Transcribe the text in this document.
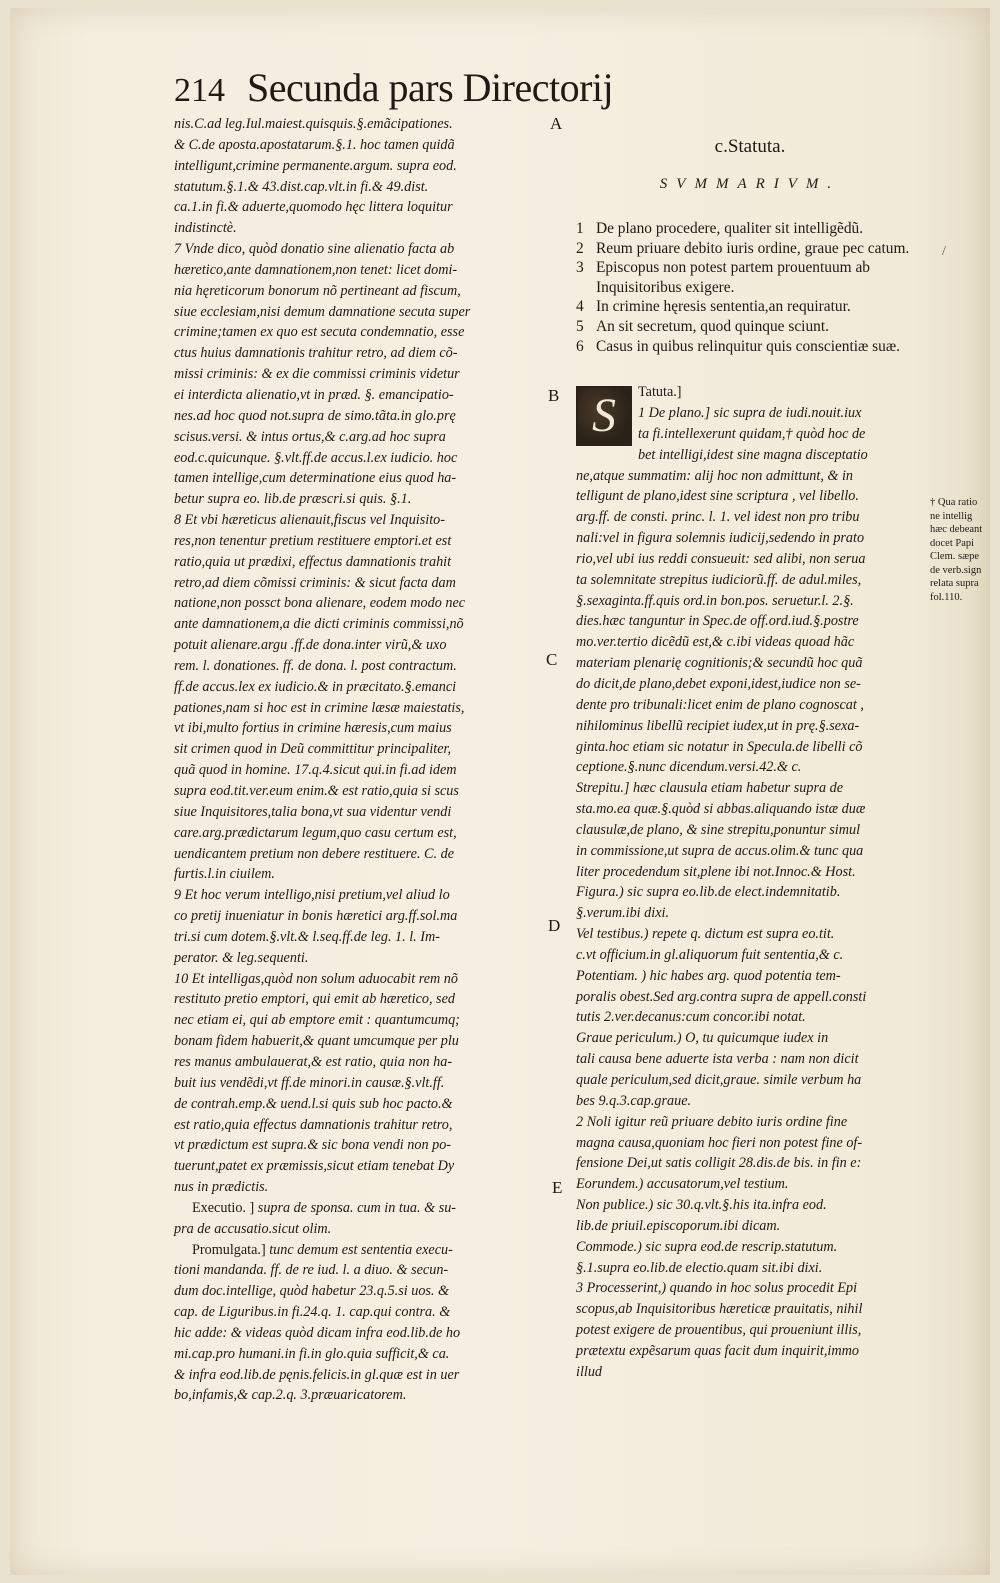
214 Secunda pars Directorij

nis.C.ad leg.Iul.maiest.quisquis.§.emãcipationes.

& C.de apostа.apostatarum.§.1. hoc tamen quidã

intelligunt,crimine permanente.argum. supra eod.

statutum.§.1.& 43.dist.cap.vlt.in fi.& 49.dist.

ca.1.in fi.& aduerte,quomodo hęc littera loquitur

indistinctè.

7 Vnde dico, quòd donatio sine alienatio facta ab

hæretico,ante damnationem,non tenet: licet domi-

nia hęreticorum bonorum nõ pertineant ad fiscum,

siue ecclesiam,nisi demum damnatione secuta super

crimine;tamen ex quo est secuta condemnatio, esse

ctus huius damnationis trahitur retro, ad diem cõ-

missi criminis: & ex die commissi criminis videtur

ei interdicta alienatio,vt in præd. §. emancipatio-

nes.ad hoc quod not.supra de simo.tãta.in glo.prę

scisus.versi. & intus ortus,& c.arg.ad hoc supra

eod.c.quicunque. §.vlt.ff.de accus.l.ex iudicio. hoc

tamen intellige,cum determinatione eius quod ha-

betur supra eo. lib.de præscri.si quis. §.1.

8 Et vbi hæreticus alienauit,fiscus vel Inquisito-

res,non tenentur pretium restituere emptori.et est

ratio,quia ut prædixi, effectus damnationis trahit

retro,ad diem cõmissi criminis: & sicut facta dam

natione,non possct bona alienare, eodem modo nec

ante damnationem,a die dicti criminis commissi,nõ

potuit alienare.argu .ff.de dona.inter virũ,& uxo

rem. l. donationes. ff. de dona. l. post contractum.

ff.de accus.lex ex iudicio.& in præcitato.§.emanci

pationes,nam si hoc est in crimine læsæ maiestatis,

vt ibi,multo fortius in crimine hæresis,cum maius

sit crimen quod in Deũ committitur principaliter,

quã quod in homine. 17.q.4.sicut qui.in fi.ad idem

supra eod.tit.ver.eum enim.& est ratio,quia si scus

siue Inquisitores,talia bona,vt sua videntur vendi

care.arg.prædictarum legum,quo casu certum est,

uendicantem pretium non debere restituere. C. de

furtis.l.in ciuilem.

9 Et hoc verum intelligo,nisi pretium,vel aliud lo

co pretij inueniatur in bonis hæretici arg.ff.sol.ma

tri.si cum dotem.§.vlt.& l.seq.ff.de leg. 1. l. Im-

perator. & leg.sequenti.

10 Et intelligas,quòd non solum aduocabit rem nõ

restituto pretio emptori, qui emit ab hæretico, sed

nec etiam ei, qui ab emptore emit : quantumcumq;

bonam fidem habuerit,& quant umcumque per plu

res manus ambulauerat,& est ratio, quia non ha-

buit ius vendẽdi,vt ff.de minori.in causæ.§.vlt.ff.

de contrah.emp.& uend.l.si quis sub hoc pacto.&

est ratio,quia effectus damnationis trahitur retro,

vt prædictum est supra.& sic bona vendi non po-

tuerunt,patet ex præmissis,sicut etiam tenebat Dy

nus in prædictis.

Executio. ] supra de sponsa. cum in tua. & su-

pra de accusatio.sicut olim.

Promulgata.] tunc demum est sententia execu-

tioni mandanda. ff. de re iud. l. a diuo. & secun-

dum doc.intellige, quòd habetur 23.q.5.si uos. &

cap. de Liguribus.in fi.24.q. 1. cap.qui contra. &

hic adde: & videas quòd dicam infra eod.lib.de ho

mi.cap.pro humani.in fi.in glo.quia sufficit,& ca.

& infra eod.lib.de pęnis.felicis.in gl.quæ est in uer

bo,infamis,& cap.2.q. 3.præuaricatorem.

A
B
C
D
E
c.Statuta.
SVMMARIVM.
1 De plano procedere, qualiter sit intelligẽdũ.
2 Reum priuare debito iuris ordine, graue pec catum.
3 Episcopus non potest partem prouentuum ab Inquisitoribus exigere.
4 In crimine hęresis sententia,an requiratur.
5 An sit secretum, quod quinque sciunt.
6 Casus in quibus relinquitur quis conscientiæ suæ.
S	Tatuta.]

1 De plano.] sic supra de iudi.nouit.iux

ta fi.intellexerunt quidam,† quòd hoc de

bet intelligi,idest sine magna disceptatio

ne,atque summatim: alij hoc non admittunt, & in

telligunt de plano,idest sine scriptura , vel libello.

arg.ff. de consti. princ. l. 1. vel idest non pro tribu

nali:vel in figura solemnis iudicij,sedendo in prato

rio,vel ubi ius reddi consueuit: sed alibi, non serua

ta solemnitate strepitus iudiciorũ.ff. de adul.miles,

§.sexaginta.ff.quis ord.in bon.pos. seruetur.l. 2.§.

dies.hæc tanguntur in Spec.de off.ord.iud.§.postre

mo.ver.tertio dicẽdũ est,& c.ibi videas quoad hãc

materiam plenarię cognitionis;& secundũ hoc quã

do dicit,de plano,debet exponi,idest,iudice non se-

dente pro tribunali:licet enim de plano cognoscat ,

nihilominus libellũ recipiet iudex,ut in prę.§.sexa-

ginta.hoc etiam sic notatur in Speculа.de libelli cõ

ceptione.§.nunc dicendum.versi.42.& c.

Strepitu.] hæc clausula etiam habetur supra de

sta.mo.ea quæ.§.quòd si abbas.aliquando istæ duæ

clausulæ,de plano, & sine strepitu,ponuntur simul

in commissione,ut supra de accus.olim.& tunc qua

liter procedendum sit,plene ibi not.Innoc.& Host.

Figura.) sic supra eo.lib.de elect.indemnitatib.

§.verum.ibi dixi.

Vel testibus.) repete q. dictum est supra eo.tit.

c.vt officium.in gl.aliquorum fuit sententia,& c.

Potentiam. ) hic habes arg. quod potentia tem-

poralis obest.Sed arg.contra supra de appell.consti

tutis 2.ver.decanus:cum concor.ibi notat.

Graue periculum.) O, tu quicumque iudex in

tali causa bene aduerte ista verba : nam non dicit

quale periculum,sed dicit,graue. simile verbum ha

bes 9.q.3.cap.graue.

2 Noli igitur reũ priuare debito iuris ordine fine

magna causa,quoniam hoc fieri non potest fine of-

fensione Dei,ut satis colligit 28.dis.de bis. in fin e:

Eorundem.) accusatorum,vel testium.

Non publice.) sic 30.q.vlt.§.his ita.infra eod.

lib.de priuil.episcoporum.ibi dicam.

Commode.) sic supra eod.de rescrip.statutum.

§.1.supra eo.lib.de electio.quam sit.ibi dixi.

3 Processerint,) quando in hoc solus procedit Epi

scopus,ab Inquisitoribus hæreticæ prauitatis, nihil

potest exigere de prouentibus, qui proueniunt illis,

prætextu expẽsarum quas facit dum inquirit,immo

illud

† Qua ratio
ne intellig
hæc debeant
docet Papi
Clem. sæpe
de verb.sign
relata supra
fol.110.
/
